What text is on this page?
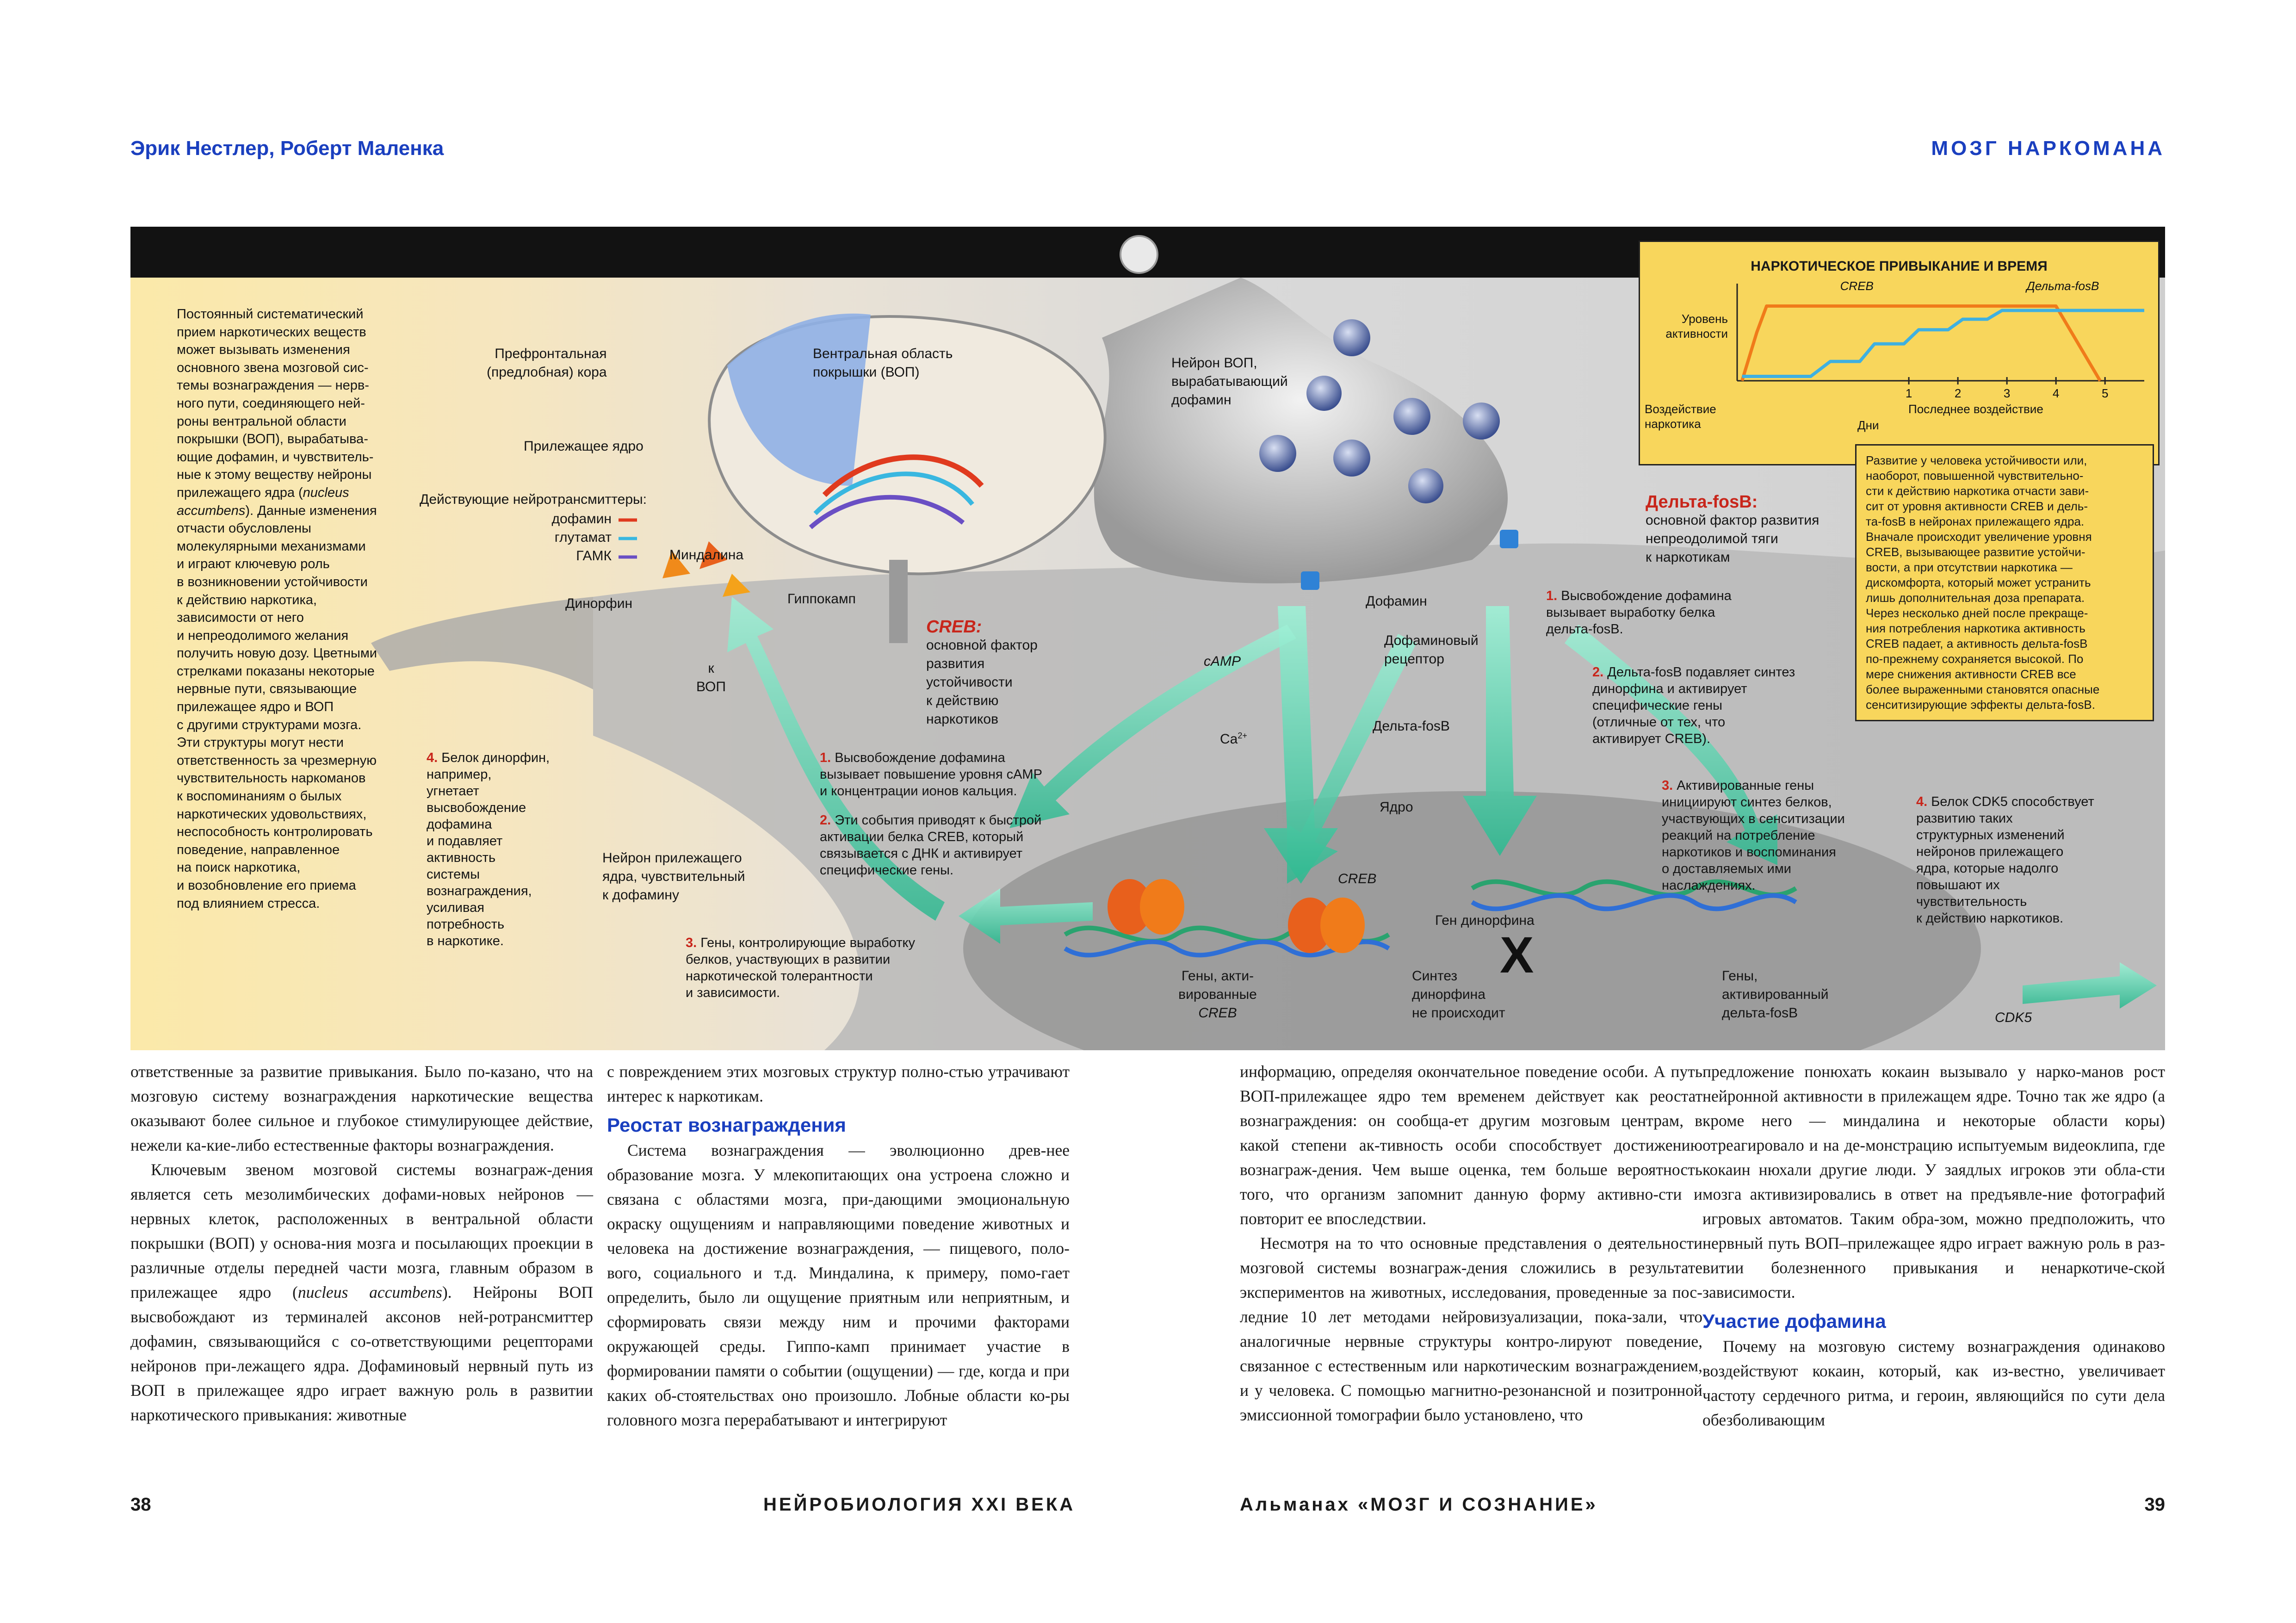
Эрик Нестлер, Роберт Маленка	МОЗГ НАРКОМАНА
Постоянный систематический
прием наркотических веществ
может вызывать изменения
основного звена мозговой сис-
темы вознаграждения — нерв-
ного пути, соединяющего ней-
роны вентральной области
покрышки (ВОП), вырабатыва-
ющие дофамин, и чувствитель-
ные к этому веществу нейроны
прилежащего ядра (nucleus
accumbens). Данные изменения
отчасти обусловлены
молекулярными механизмами
и играют ключевую роль
в возникновении устойчивости
к действию наркотика,
зависимости от него
и непреодолимого желания
получить новую дозу. Цветными
стрелками показаны некоторые
нервные пути, связывающие
прилежащее ядро и ВОП
с другими структурами мозга.
Эти структуры могут нести
ответственность за чрезмерную
чувствительность наркоманов
к воспоминаниям о былых
наркотических удовольствиях,
неспособность контролировать
поведение, направленное
на поиск наркотика,
и возобновление его приема
под влиянием стресса.
Префронтальная
(предлобная) кора
Вентральная область
покрышки (ВОП)
Прилежащее ядро
Действующие нейротрансмиттеры:
дофамин
глутамат
ГАМК	Миндалина
Гиппокамп
Динорфин
Нейрон ВОП,
вырабатывающий
дофамин
к
ВОП
Нейрон прилежащего
ядра, чувствительный
к дофамину
Дофамин
Дофаминовый
рецептор
cAMP
$Ca^{2+}$
Дельта-fosB
Ядро
CREB
Гены, акти-
вированные
CREB
Ген динорфина
X
Синтез
динорфина
не происходит
Гены,
активированный
дельта-fosB	CDK5
CREB:
основной фактор
развития
устойчивости
к действию
наркотиков
1. Высвобождение дофамина
вызывает повышение уровня cAMP
и концентрации ионов кальция.
2. Эти события приводят к быстрой
активации белка CREB, который
связывается с ДНК и активирует
специфические гены.
3. Гены, контролирующие выработку
белков, участвующих в развитии
наркотической толерантности
и зависимости.
4. Белок динорфин,
например,
угнетает
высвобождение
дофамина
и подавляет
активность
системы
вознаграждения,
усиливая
потребность
в наркотике.
Дельта-fosB:
основной фактор развития
непреодолимой тяги
к наркотикам
1. Высвобождение дофамина
вызывает выработку белка
дельта-fosB.
2. Дельта-fosB подавляет синтез
динорфина и активирует
специфические гены
(отличные от тех, что
активирует CREB).
3. Активированные гены
инициируют синтез белков,
участвующих в сенситизации
реакций на потребление
наркотиков и воспоминания
о доставляемых ими
наслаждениях.
4. Белок CDK5 способствует
развитию таких
структурных изменений
нейронов прилежащего
ядра, которые надолго
повышают их
чувствительность
к действию наркотиков.
НАРКОТИЧЕСКОЕ ПРИВЫКАНИЕ И ВРЕМЯ
1	2	3	4	5
CREB	Дельта-fosB
Уровень
активности
Воздействие
наркотика
Последнее воздействие
Дни
Развитие у человека устойчивости или,
наоборот, повышенной чувствительно-
сти к действию наркотика отчасти зави-
сит от уровня активности CREB и дель-
та-fosB в нейронах прилежащего ядра.
Вначале происходит увеличение уровня
CREB, вызывающее развитие устойчи-
вости, а при отсутствии наркотика —
дискомфорта, который может устранить
лишь дополнительная доза препарата.
Через несколько дней после прекраще-
ния потребления наркотика активность
CREB падает, а активность дельта-fosB
по-прежнему сохраняется высокой. По
мере снижения активности CREB все
более выраженными становятся опасные
сенситизирующие эффекты дельта-fosB.

ответственные за развитие привыкания. Было по-казано, что на мозговую систему вознаграждения наркотические вещества оказывают более сильное и глубокое стимулирующее действие, нежели ка-кие-либо естественные факторы вознаграждения.

Ключевым звеном мозговой системы вознаграж-дения является сеть мезолимбических дофами-новых нейронов — нервных клеток, расположенных в вентральной области покрышки (ВОП) у основа-ния мозга и посылающих проекции в различные отделы передней части мозга, главным образом в прилежащее ядро (nucleus accumbens). Нейроны ВОП высвобождают из терминалей аксонов ней-ротрансмиттер дофамин, связывающийся с со-ответствующими рецепторами нейронов при-лежащего ядра. Дофаминовый нервный путь из ВОП в прилежащее ядро играет важную роль в развитии наркотического привыкания: животные

с повреждением этих мозговых структур полно-стью утрачивают интерес к наркотикам.

Реостат вознаграждения

Система вознаграждения — эволюционно древ-нее образование мозга. У млекопитающих она устроена сложно и связана с областями мозга, при-дающими эмоциональную окраску ощущениям и направляющими поведение животных и человека на достижение вознаграждения, — пищевого, поло-вого, социального и т.д. Миндалина, к примеру, помо-гает определить, было ли ощущение приятным или неприятным, и сформировать связи между ним и прочими факторами окружающей среды. Гиппо-камп принимает участие в формировании памяти о событии (ощущении) — где, когда и при каких об-стоятельствах оно произошло. Лобные области ко-ры головного мозга перерабатывают и интегрируют

информацию, определяя окончательное поведение особи. А путь ВОП-прилежащее ядро тем временем действует как реостат вознаграждения: он сообща-ет другим мозговым центрам, в какой степени ак-тивность особи способствует достижению вознаграж-дения. Чем выше оценка, тем больше вероятность того, что организм запомнит данную форму активно-сти и повторит ее впоследствии.

Несмотря на то что основные представления о деятельности мозговой системы вознаграж-дения сложились в результате экспериментов на животных, исследования, проведенные за пос-ледние 10 лет методами нейровизуализации, пока-зали, что аналогичные нервные структуры контро-лируют поведение, связанное с естественным или наркотическим вознаграждением, и у человека. С помощью магнитно-резонансной и позитронной эмиссионной томографии было установлено, что

предложение понюхать кокаин вызывало у нарко-манов рост нейронной активности в прилежащем ядре. Точно так же ядро (а кроме него — миндалина и некоторые области коры) отреагировало и на де-монстрацию испытуемым видеоклипа, где кокаин нюхали другие люди. У заядлых игроков эти обла-сти мозга активизировались в ответ на предъявле-ние фотографий игровых автоматов. Таким обра-зом, можно предположить, что нервный путь ВОП–прилежащее ядро играет важную роль в раз-витии болезненного привыкания и ненаркотиче-ской зависимости.

Участие дофамина

Почему на мозговую систему вознаграждения одинаково воздействуют кокаин, который, как из-вестно, увеличивает частоту сердечного ритма, и героин, являющийся по сути дела обезболивающим

38	НЕЙРОБИОЛОГИЯ XXI ВЕКА	Альманах «МОЗГ И СОЗНАНИЕ»	39
